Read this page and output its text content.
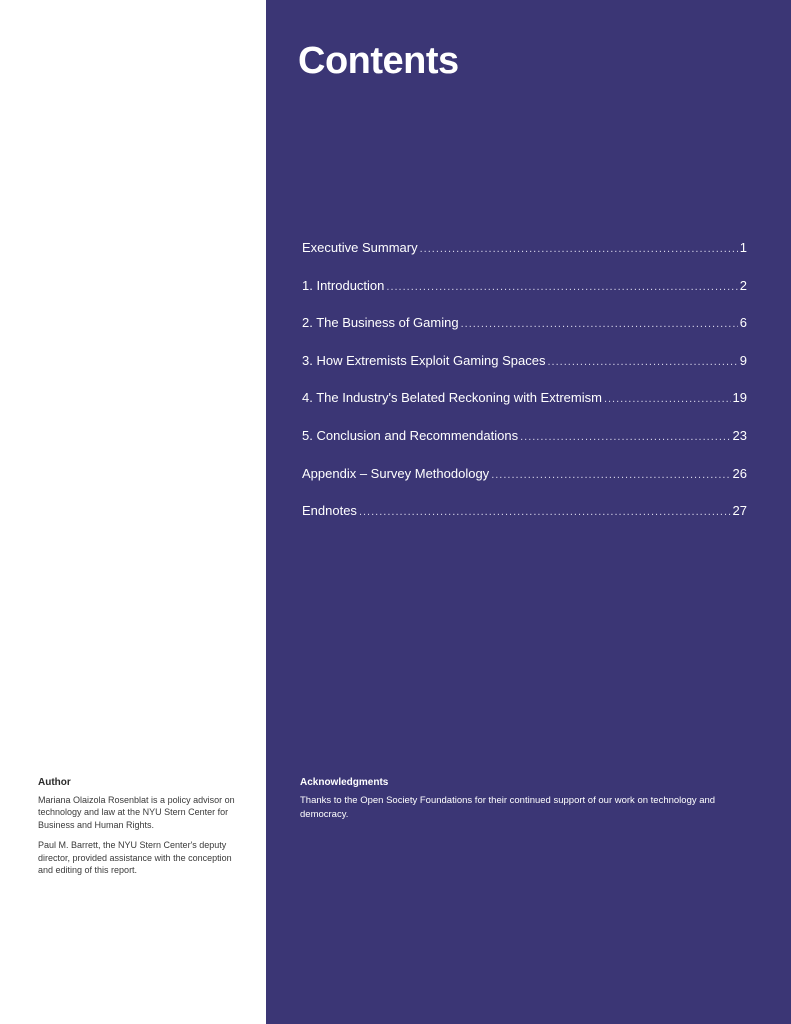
Author

Mariana Olaizola Rosenblat is a policy advisor on technology and law at the NYU Stern Center for Business and Human Rights.

Paul M. Barrett, the NYU Stern Center's deputy director, provided assistance with the conception and editing of this report.

Contents
Executive Summary .....	1
1. Introduction .....	2
2. The Business of Gaming .....	6
3. How Extremists Exploit Gaming Spaces .....	9
4. The Industry's Belated Reckoning with Extremism .....	19
5. Conclusion and Recommendations .....	23
Appendix – Survey Methodology .....	26
Endnotes .....	27
Acknowledgments

Thanks to the Open Society Foundations for their continued support of our work on technology and democracy.
